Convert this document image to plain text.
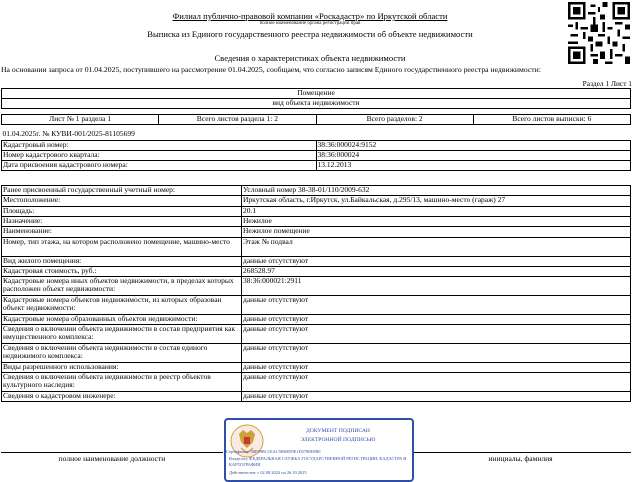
Филиал публично-правовой компании «Роскадастр» по Иркутской области
полное наименование органа регистрации прав
Выписка из Единого государственного реестра недвижимости об объекте недвижимости
Сведения о характеристиках объекта недвижимости
На основании запроса от 01.04.2025, поступившего на рассмотрение 01.04.2025, сообщаем, что согласно записям Единого государственного реестра недвижимости:
Раздел 1 Лист 1
Помещение
вид объекта недвижимости
Лист № 1 раздела 1	Всего листов раздела 1: 2	Всего разделов: 2	Всего листов выписки: 6
01.04.2025г. № КУВИ-001/2025-81105699	
Кадастровый номер:	38:36:000024:9152
Номер кадастрового квартала:	38:36:000024
Дата присвоения кадастрового номера:	13.12.2013
Ранее присвоенный государственный учетный номер:	Условный номер 38-38-01/110/2009-632
Местоположение:	Иркутская область, г.Иркутск, ул.Байкальская, д.295/13, машино-место (гараж) 27
Площадь:	20.1
Назначение:	Нежилое
Наименование:	Нежилое помещение
Номер, тип этажа, на котором расположено помещение, машино-место	Этаж № подвал
Вид жилого помещения:	данные отсутствуют
Кадастровая стоимость, руб.:	268528.97
Кадастровые номера иных объектов недвижимости, в пределах которых расположен объект недвижимости:	38:36:000021:2911
Кадастровые номера объектов недвижимости, из которых образован объект недвижимости:	данные отсутствуют
Кадастровые номера образованных объектов недвижимости:	данные отсутствуют
Сведения о включении объекта недвижимости в состав предприятия как имущественного комплекса:	данные отсутствуют
Сведения о включении объекта недвижимости в состав единого недвижимого комплекса:	данные отсутствуют
Виды разрешенного использования:	данные отсутствуют
Сведения о включении объекта недвижимости в реестр объектов культурного наследия:	данные отсутствуют
Сведения о кадастровом инженере:	данные отсутствуют
полное наименование должности	инициалы, фамилия
ДОКУМЕНТ ПОДПИСАН
ЭЛЕКТРОННОЙ ПОДПИСЬЮ
Сертификат: 00F89BC1EAC5B69D9E1D3780E9B0
Владелец: ФЕДЕРАЛЬНАЯ СЛУЖБА ГОСУДАРСТВЕННОЙ РЕГИСТРАЦИИ, КАДАСТРА И КАРТОГРАФИИ
Действителен: с 02.08.2024 по 26.10.2025
